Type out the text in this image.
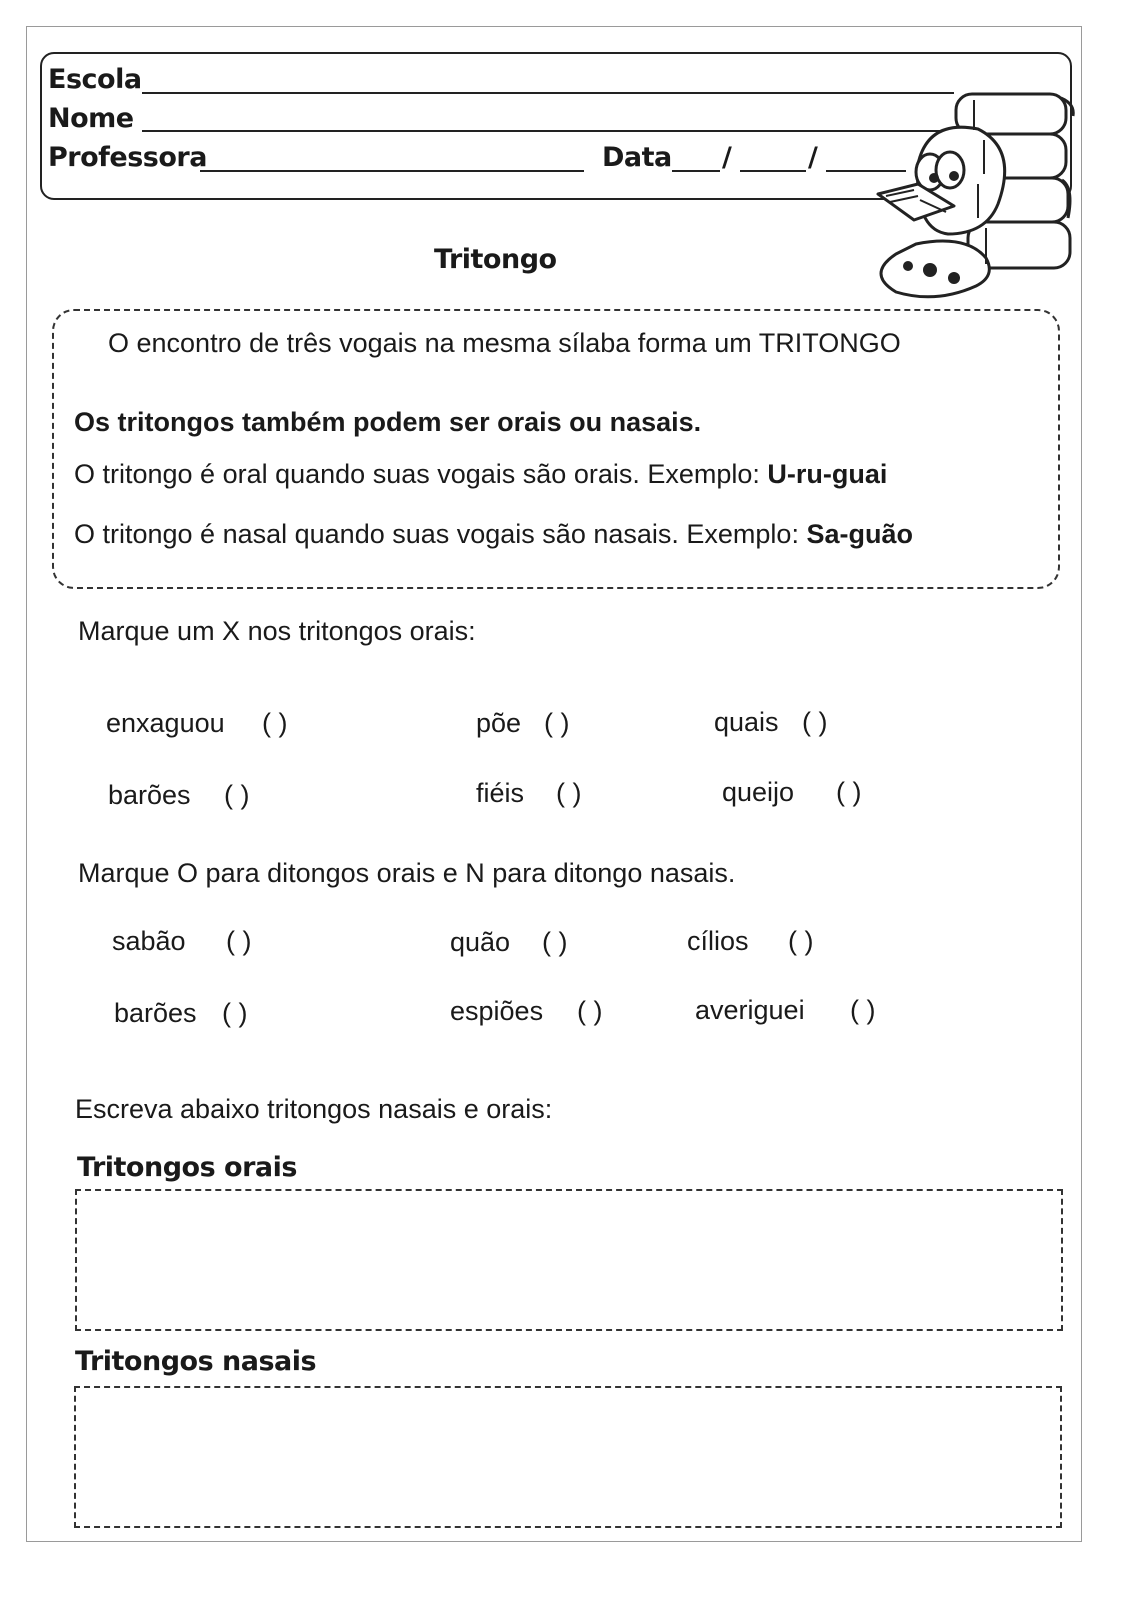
Escola
Nome
Professora	Data /	/
Tritongo
O encontro de três vogais na mesma sílaba forma um TRITONGO
Os tritongos também podem ser orais ou nasais.
O tritongo é oral quando suas vogais são orais. Exemplo: U-ru-guai
O tritongo é nasal quando suas vogais são nasais. Exemplo: Sa-guão
Marque um X nos tritongos orais:
enxaguou ( )	põe ( )	quais ( )
barões ( )	fiéis ( )	queijo ( )
Marque O para ditongos orais e N para ditongo nasais.
sabão ( )	quão ( )	cílios ( )
barões ( )	espiões ( )	averiguei ( )
Escreva abaixo tritongos nasais e orais:
Tritongos orais
Tritongos nasais
